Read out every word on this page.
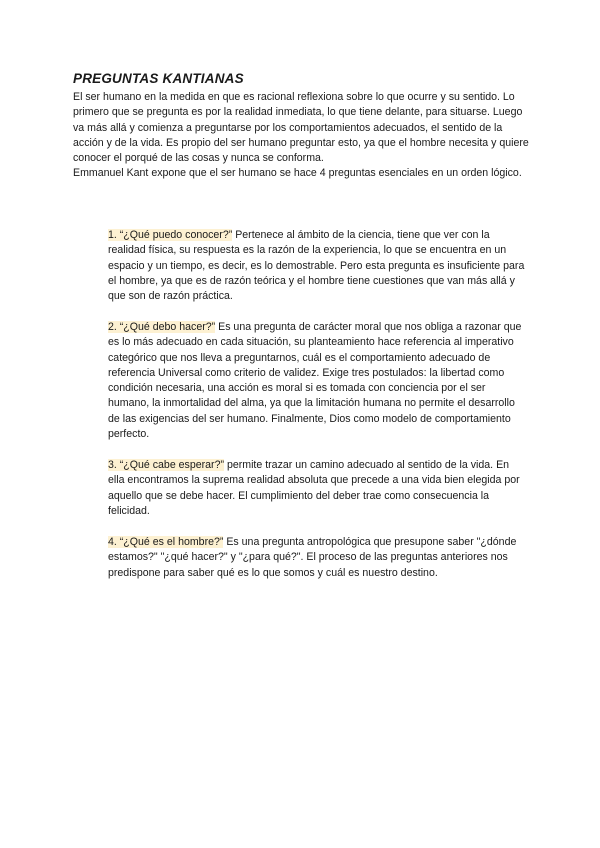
PREGUNTAS KANTIANAS

El ser humano en la medida en que es racional reflexiona sobre lo que ocurre y su sentido. Lo primero que se pregunta es por la realidad inmediata, lo que tiene delante, para situarse. Luego va más allá y comienza a preguntarse por los comportamientos adecuados, el sentido de la acción y de la vida. Es propio del ser humano preguntar esto, ya que el hombre necesita y quiere conocer el porqué de las cosas y nunca se conforma.

Emmanuel Kant expone que el ser humano se hace 4 preguntas esenciales en un orden lógico.

1. “¿Qué puedo conocer?” Pertenece al ámbito de la ciencia, tiene que ver con la realidad física, su respuesta es la razón de la experiencia, lo que se encuentra en un espacio y un tiempo, es decir, es lo demostrable. Pero esta pregunta es insuficiente para el hombre, ya que es de razón teórica y el hombre tiene cuestiones que van más allá y que son de razón práctica.

2. “¿Qué debo hacer?” Es una pregunta de carácter moral que nos obliga a razonar que es lo más adecuado en cada situación, su planteamiento hace referencia al imperativo categórico que nos lleva a preguntarnos, cuál es el comportamiento adecuado de referencia Universal como criterio de validez. Exige tres postulados: la libertad como condición necesaria, una acción es moral si es tomada con conciencia por el ser humano, la inmortalidad del alma, ya que la limitación humana no permite el desarrollo de las exigencias del ser humano. Finalmente, Dios como modelo de comportamiento perfecto.

3. “¿Qué cabe esperar?” permite trazar un camino adecuado al sentido de la vida. En ella encontramos la suprema realidad absoluta que precede a una vida bien elegida por aquello que se debe hacer. El cumplimiento del deber trae como consecuencia la felicidad.

4. “¿Qué es el hombre?” Es una pregunta antropológica que presupone saber "¿dónde estamos?" "¿qué hacer?" y "¿para qué?". El proceso de las preguntas anteriores nos predispone para saber qué es lo que somos y cuál es nuestro destino.
